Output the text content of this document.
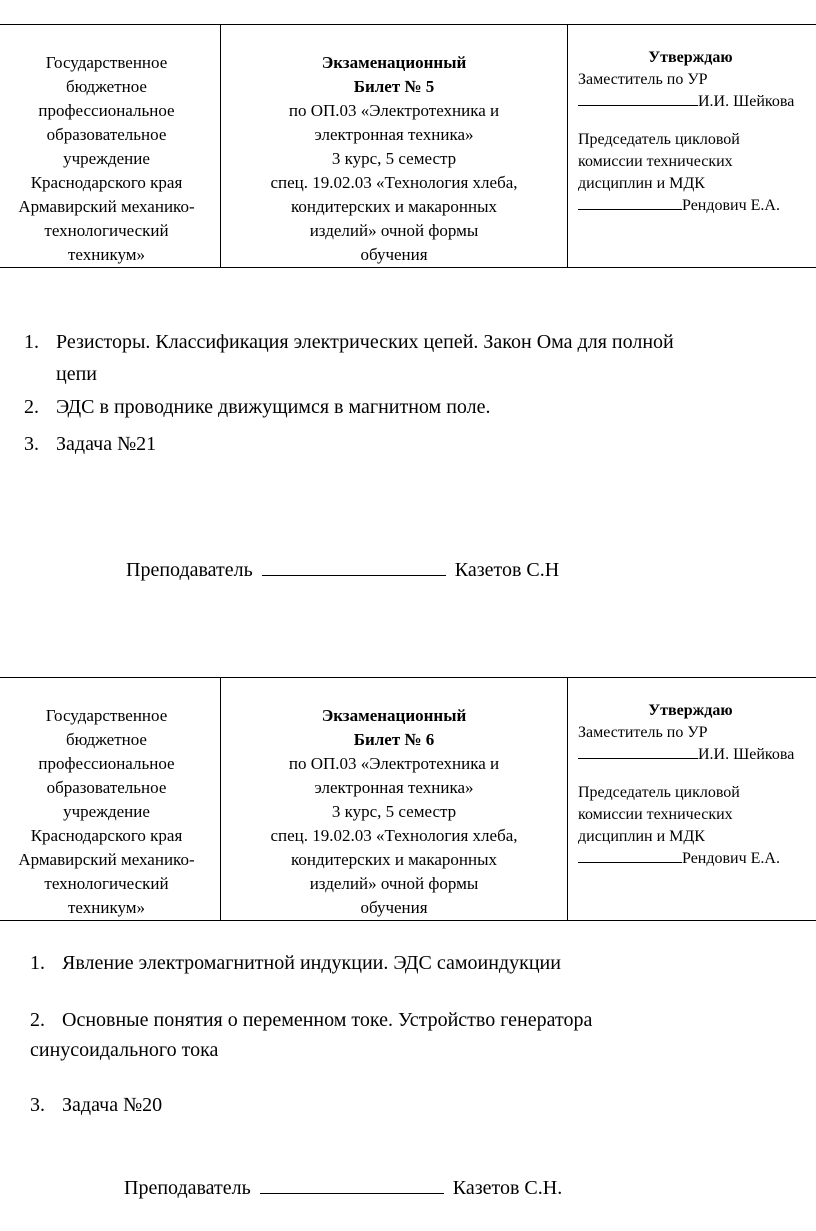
Государственное
бюджетное
профессиональное
образовательное
учреждение
Краснодарского края
Армавирский механико-
технологический
техникум»

Экзаменационный
Билет № 5
по ОП.03 «Электротехника и
электронная техника»
3 курс, 5 семестр
спец. 19.02.03 «Технология хлеба,
кондитерских и макаронных
изделий» очной формы
обучения

Утверждаю
Заместитель по УР
И.И. Шейкова
Председатель цикловой
комиссии технических
дисциплин и МДК
Рендович Е.А.
1. Резисторы. Классификация электрических цепей. Закон Ома для полной
цепи
2. ЭДС в проводнике движущимся в магнитном поле.
3. Задача №21
Преподаватель	Казетов С.Н
Государственное
бюджетное
профессиональное
образовательное
учреждение
Краснодарского края
Армавирский механико-
технологический
техникум»

Экзаменационный
Билет № 6
по ОП.03 «Электротехника и
электронная техника»
3 курс, 5 семестр
спец. 19.02.03 «Технология хлеба,
кондитерских и макаронных
изделий» очной формы
обучения

Утверждаю
Заместитель по УР
И.И. Шейкова
Председатель цикловой
комиссии технических
дисциплин и МДК
Рендович Е.А.
1. Явление электромагнитной индукции. ЭДС самоиндукции
2. Основные понятия о переменном токе. Устройство генератора
синусоидального тока
3. Задача №20
Преподаватель	Казетов С.Н.
